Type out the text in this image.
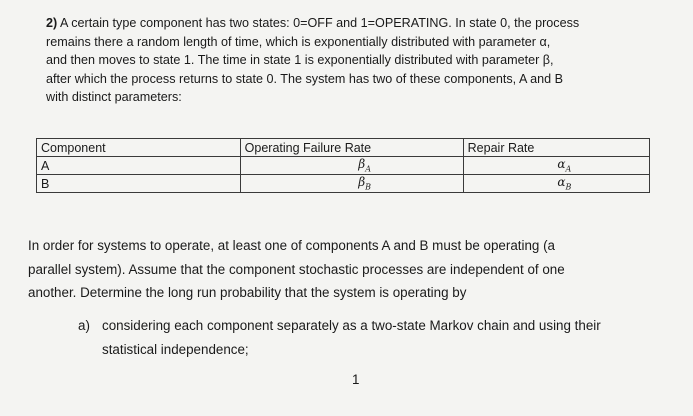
2) A certain type component has two states: 0=OFF and 1=OPERATING. In state 0, the process

remains there a random length of time, which is exponentially distributed with parameter α,

and then moves to state 1. The time in state 1 is exponentially distributed with parameter β,

after which the process returns to state 0. The system has two of these components, A and B

with distinct parameters:

Component	Operating Failure Rate	Repair Rate
A	$\beta_A$	$\alpha_A$
B	$\beta_B$	$\alpha_B$
In order for systems to operate, at least one of components A and B must be operating (a
parallel system). Assume that the component stochastic processes are independent of one
another. Determine the long run probability that the system is operating by
a) considering each component separately as a two-state Markov chain and using their
statistical independence;
1
